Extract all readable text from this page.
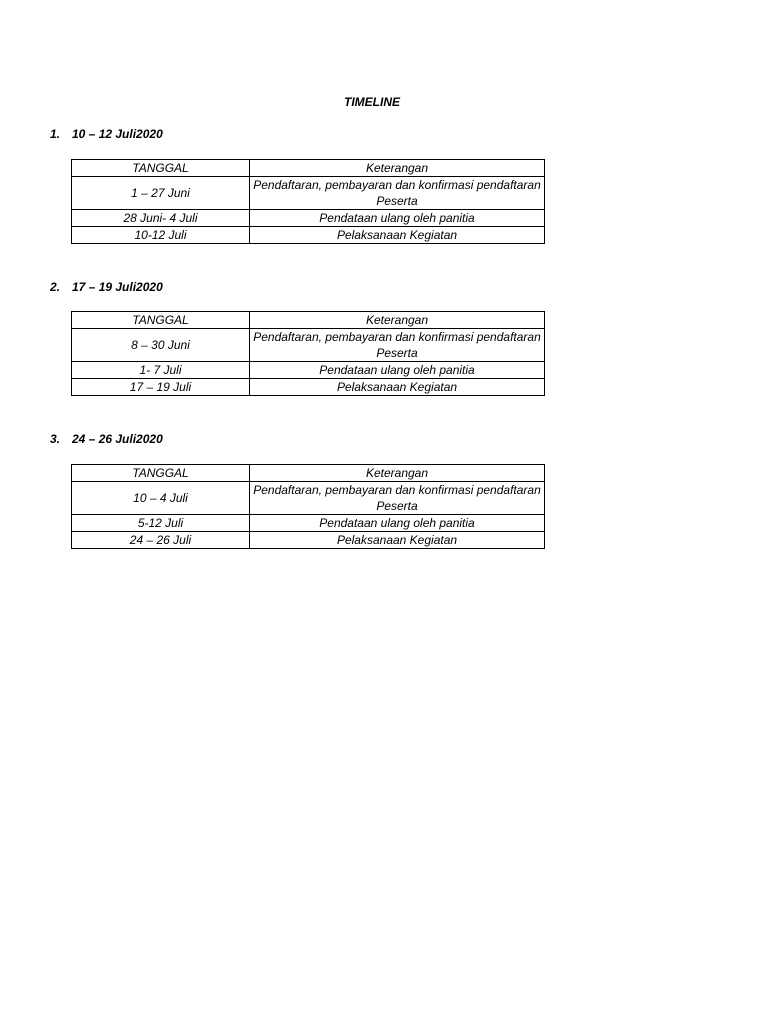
TIMELINE
1. 10 – 12 Juli2020
TANGGAL	Keterangan
1 – 27 Juni	Pendaftaran, pembayaran dan konfirmasi pendaftaran Peserta
28 Juni- 4 Juli	Pendataan ulang oleh panitia
10-12 Juli	Pelaksanaan Kegiatan
2. 17 – 19 Juli2020
TANGGAL	Keterangan
8 – 30 Juni	Pendaftaran, pembayaran dan konfirmasi pendaftaran Peserta
1- 7 Juli	Pendataan ulang oleh panitia
17 – 19 Juli	Pelaksanaan Kegiatan
3. 24 – 26 Juli2020
TANGGAL	Keterangan
10 – 4 Juli	Pendaftaran, pembayaran dan konfirmasi pendaftaran Peserta
5-12 Juli	Pendataan ulang oleh panitia
24 – 26 Juli	Pelaksanaan Kegiatan
